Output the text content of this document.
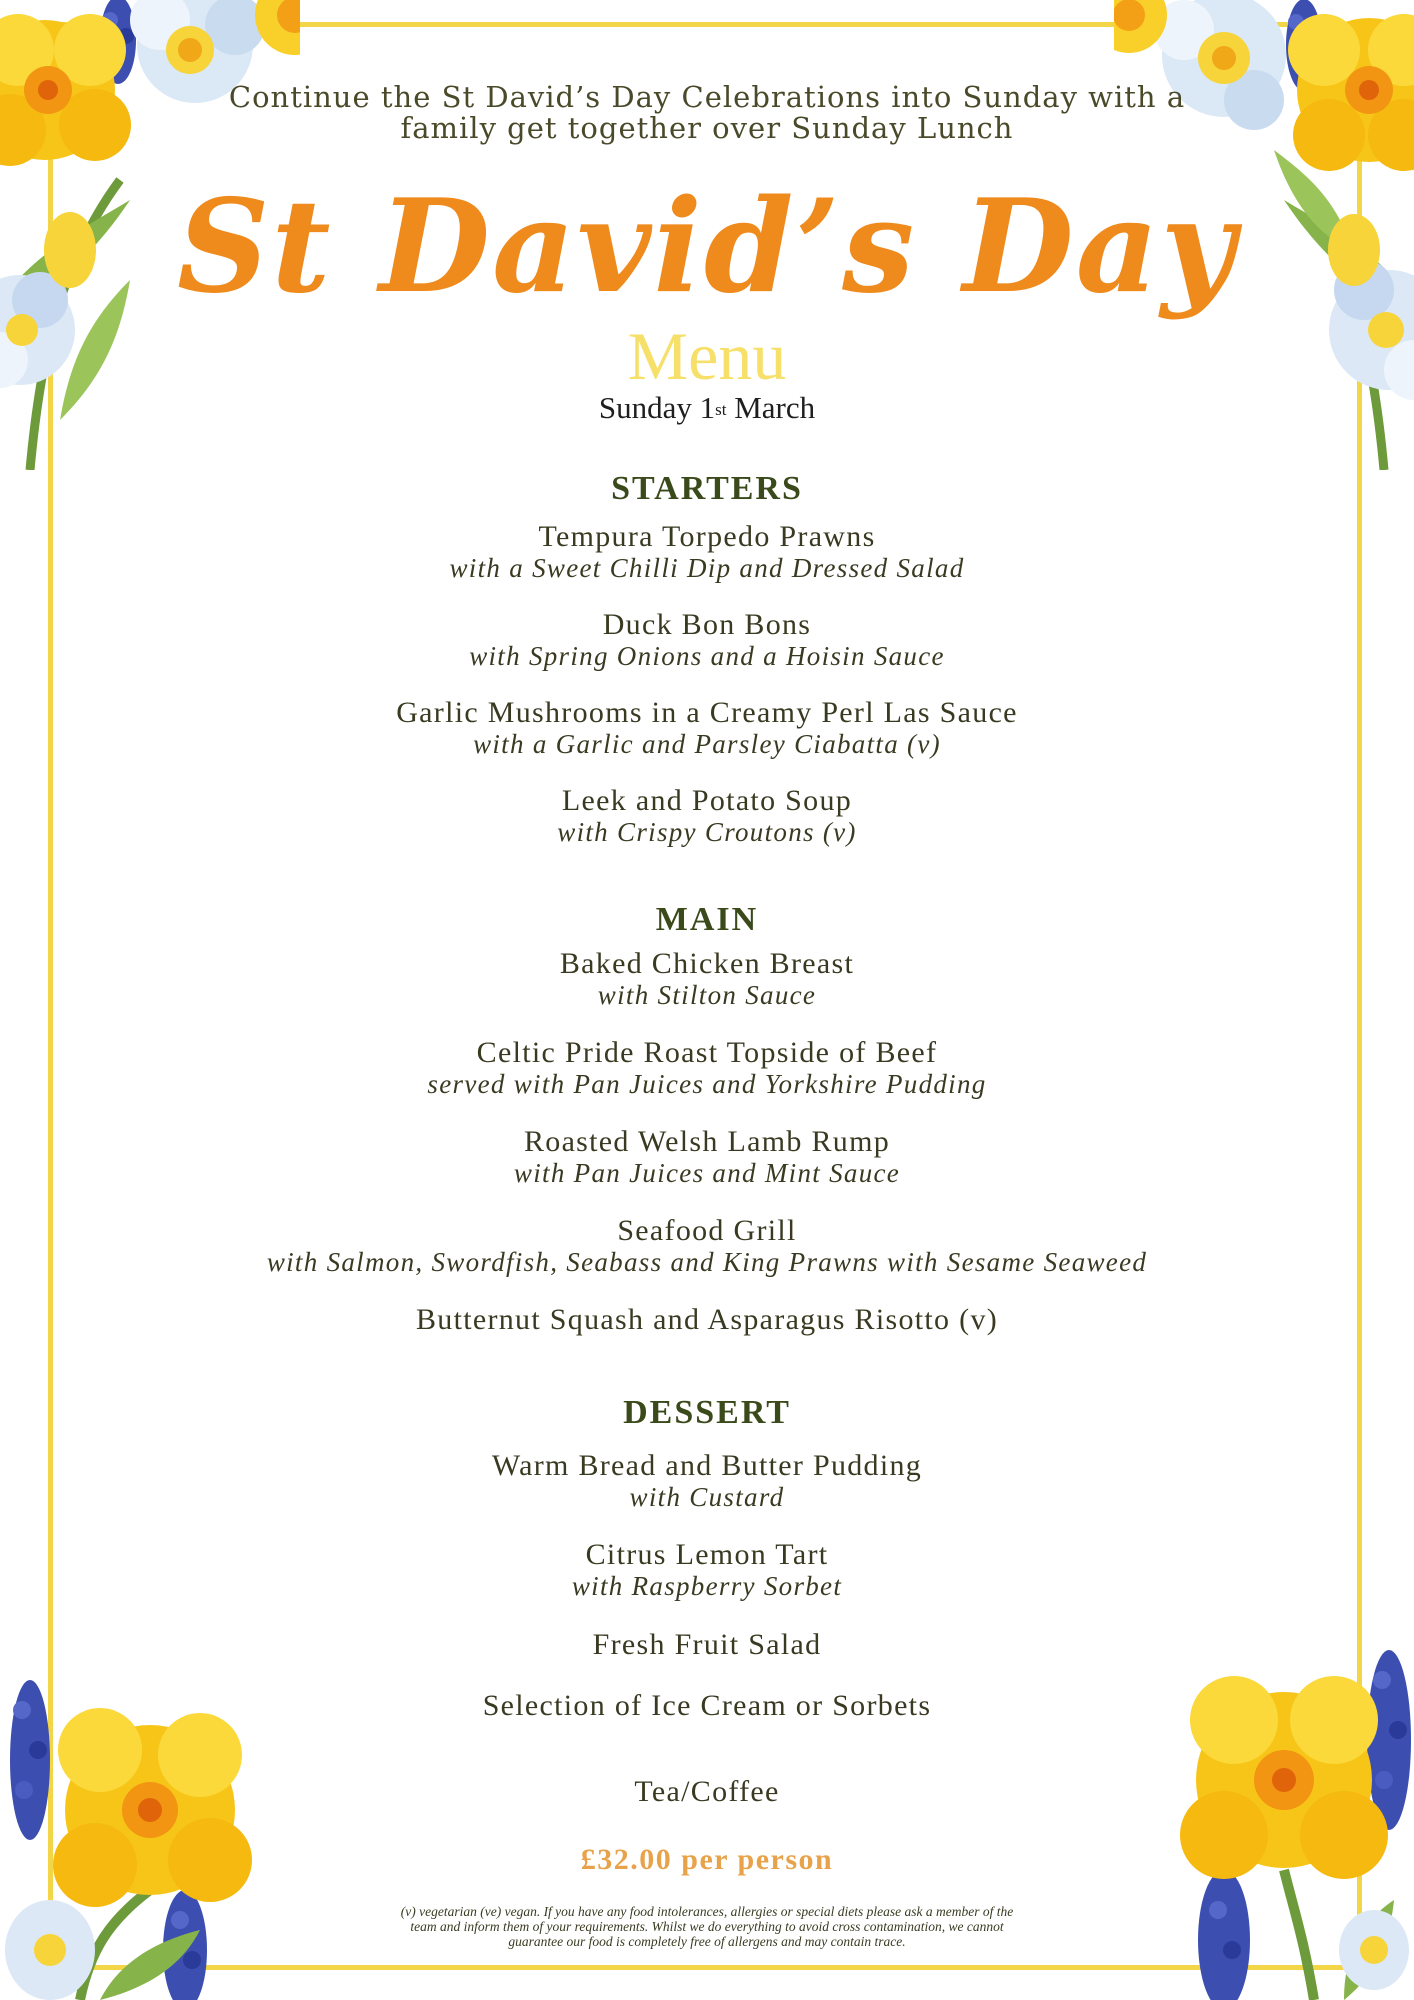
Continue the St David’s Day Celebrations into Sunday with a
family get together over Sunday Lunch
St David’s Day
Menu
Sunday 1st March
STARTERS
Tempura Torpedo Prawns
with a Sweet Chilli Dip and Dressed Salad
Duck Bon Bons
with Spring Onions and a Hoisin Sauce
Garlic Mushrooms in a Creamy Perl Las Sauce
with a Garlic and Parsley Ciabatta (v)
Leek and Potato Soup
with Crispy Croutons (v)
MAIN
Baked Chicken Breast
with Stilton Sauce
Celtic Pride Roast Topside of Beef
served with Pan Juices and Yorkshire Pudding
Roasted Welsh Lamb Rump
with Pan Juices and Mint Sauce
Seafood Grill
with Salmon, Swordfish, Seabass and King Prawns with Sesame Seaweed
Butternut Squash and Asparagus Risotto (v)
DESSERT
Warm Bread and Butter Pudding
with Custard
Citrus Lemon Tart
with Raspberry Sorbet
Fresh Fruit Salad
Selection of Ice Cream or Sorbets
Tea/Coffee
£32.00 per person
(v) vegetarian (ve) vegan. If you have any food intolerances, allergies or special diets please ask a member of the
team and inform them of your requirements. Whilst we do everything to avoid cross contamination, we cannot
guarantee our food is completely free of allergens and may contain trace.
